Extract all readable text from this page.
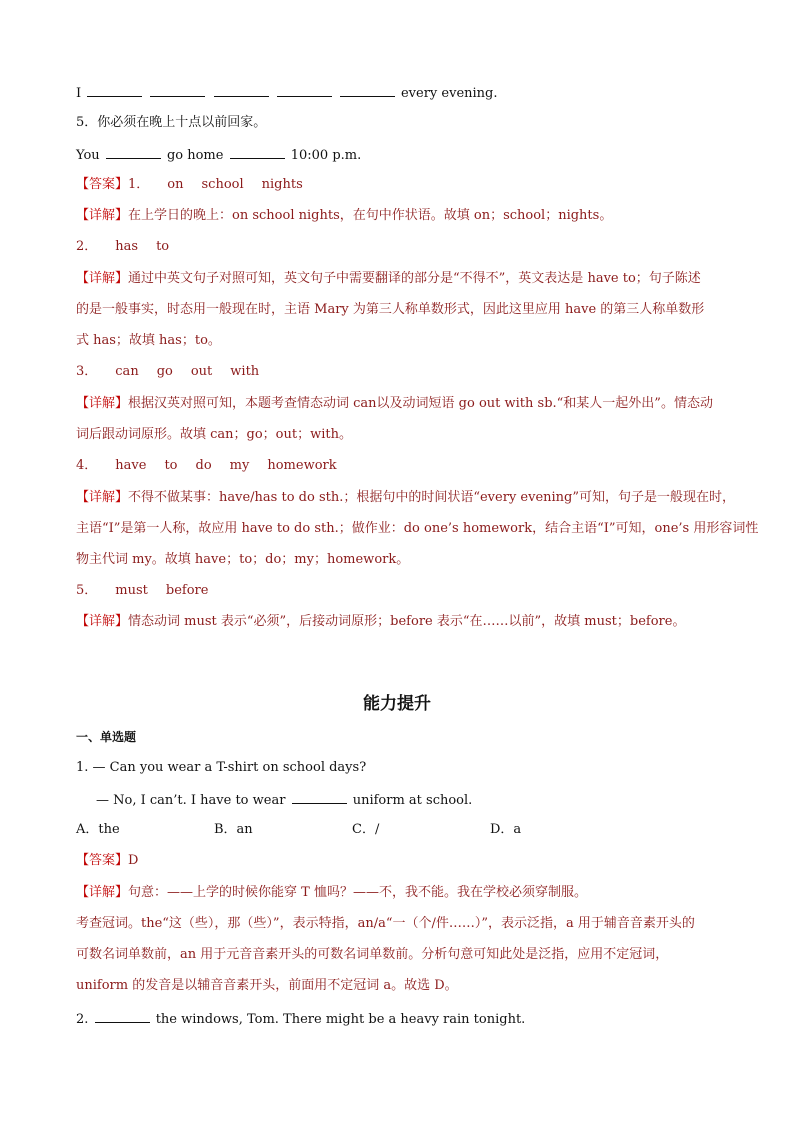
I	every evening.
5．你必须在晚上十点以前回家。
You	go home	10:00 p.m.
【答案】1． on school nights
【详解】在上学日的晚上：on school nights，在句中作状语。故填 on；school；nights。
2． has to
【详解】通过中英文句子对照可知，英文句子中需要翻译的部分是“不得不”，英文表达是 have to；句子陈述
的是一般事实，时态用一般现在时，主语 Mary 为第三人称单数形式，因此这里应用 have 的第三人称单数形
式 has；故填 has；to。
3． can go out with
【详解】根据汉英对照可知，本题考查情态动词 can以及动词短语 go out with sb.“和某人一起外出”。情态动
词后跟动词原形。故填 can；go；out；with。
4． have to do my homework
【详解】不得不做某事：have/has to do sth.；根据句中的时间状语“every evening”可知，句子是一般现在时，
主语“I”是第一人称，故应用 have to do sth.；做作业：do one’s homework，结合主语“I”可知，one’s 用形容词性
物主代词 my。故填 have；to；do；my；homework。
5． must before
【详解】情态动词 must 表示“必须”，后接动词原形；before 表示“在……以前”，故填 must；before。
能力提升
一、单选题
1. — Can you wear a T-shirt on school days?
— No, I can’t. I have to wear	uniform at school.
A．the	B．an	C．/	D．a
【答案】D
【详解】句意：——上学的时候你能穿 T 恤吗？——不，我不能。我在学校必须穿制服。
考查冠词。the“这（些），那（些）”，表示特指，an/a“一（个/件……）”，表示泛指，a 用于辅音音素开头的
可数名词单数前，an 用于元音音素开头的可数名词单数前。分析句意可知此处是泛指，应用不定冠词，
uniform 的发音是以辅音音素开头，前面用不定冠词 a。故选 D。
2.	the windows, Tom. There might be a heavy rain tonight.
